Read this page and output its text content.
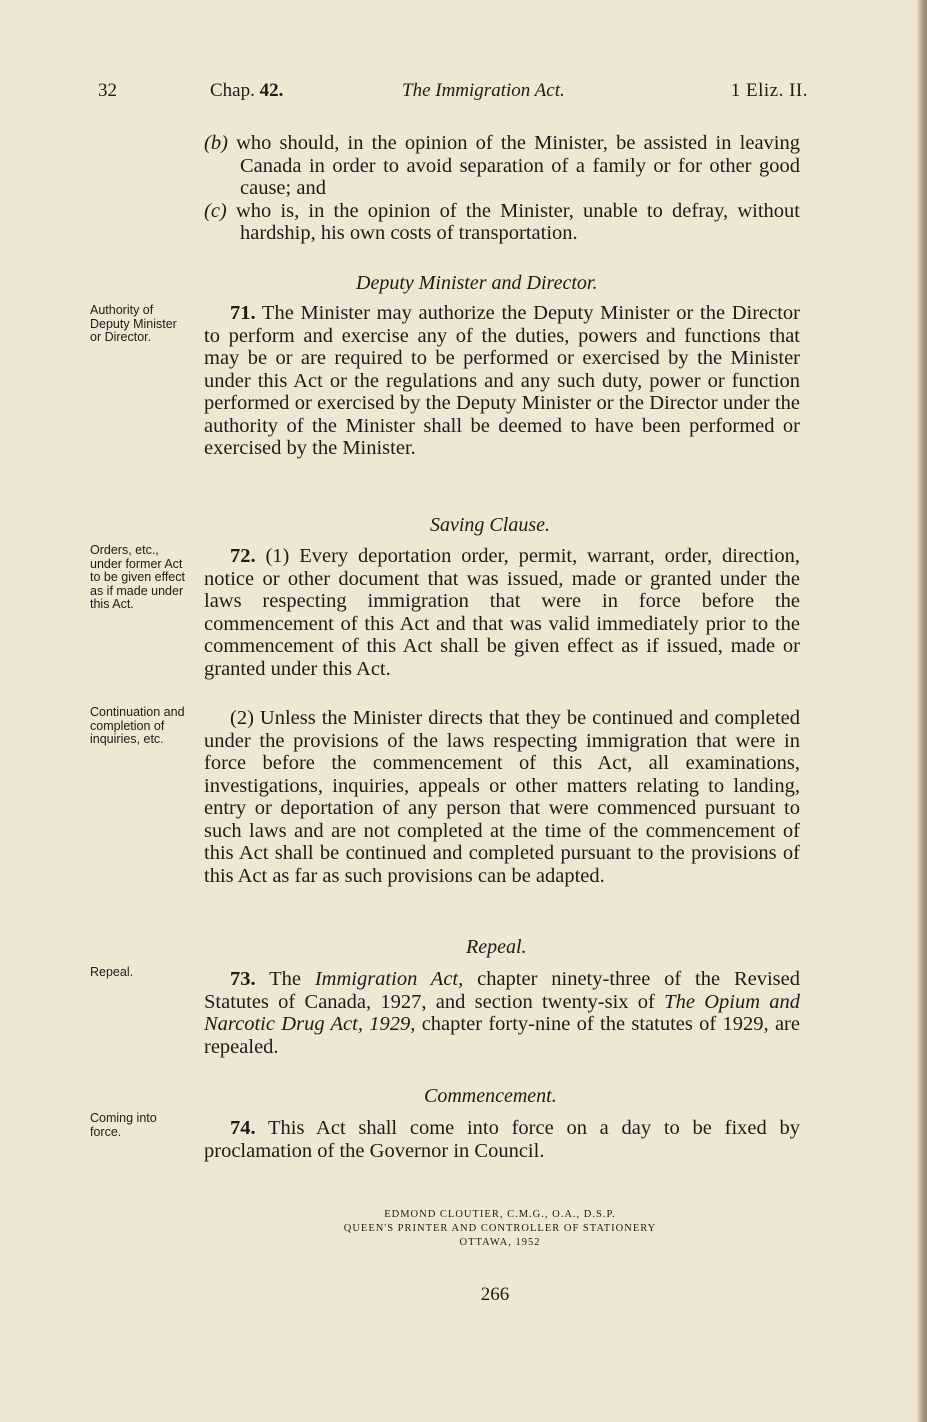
32	Chap. 42.	The Immigration Act.	1 Eliz. II.

(b) who should, in the opinion of the Minister, be assisted in leaving Canada in order to avoid separation of a family or for other good cause; and

(c) who is, in the opinion of the Minister, unable to defray, without hardship, his own costs of transportation.

Deputy Minister and Director.
Authority of Deputy Minister or Director.

71. The Minister may authorize the Deputy Minister or the Director to perform and exercise any of the duties, powers and functions that may be or are required to be performed or exercised by the Minister under this Act or the regulations and any such duty, power or function performed or exercised by the Deputy Minister or the Director under the authority of the Minister shall be deemed to have been performed or exercised by the Minister.

Saving Clause.
Orders, etc., under former Act to be given effect as if made under this Act.

72. (1) Every deportation order, permit, warrant, order, direction, notice or other document that was issued, made or granted under the laws respecting immigration that were in force before the commencement of this Act and that was valid immediately prior to the commencement of this Act shall be given effect as if issued, made or granted under this Act.

Continuation and completion of inquiries, etc.

(2) Unless the Minister directs that they be continued and completed under the provisions of the laws respecting immigration that were in force before the commencement of this Act, all examinations, investigations, inquiries, appeals or other matters relating to landing, entry or deportation of any person that were commenced pursuant to such laws and are not completed at the time of the commencement of this Act shall be continued and completed pursuant to the provisions of this Act as far as such provisions can be adapted.

Repeal.
Repeal.	73. The Immigration Act, chapter ninety-three of the Revised Statutes of Canada, 1927, and section twenty-six of The Opium and Narcotic Drug Act, 1929, chapter forty-nine of the statutes of 1929, are repealed.

Commencement.
Coming into force.	74. This Act shall come into force on a day to be fixed by proclamation of the Governor in Council.

EDMOND CLOUTIER, C.M.G., O.A., D.S.P.
QUEEN'S PRINTER AND CONTROLLER OF STATIONERY
OTTAWA, 1952
266
